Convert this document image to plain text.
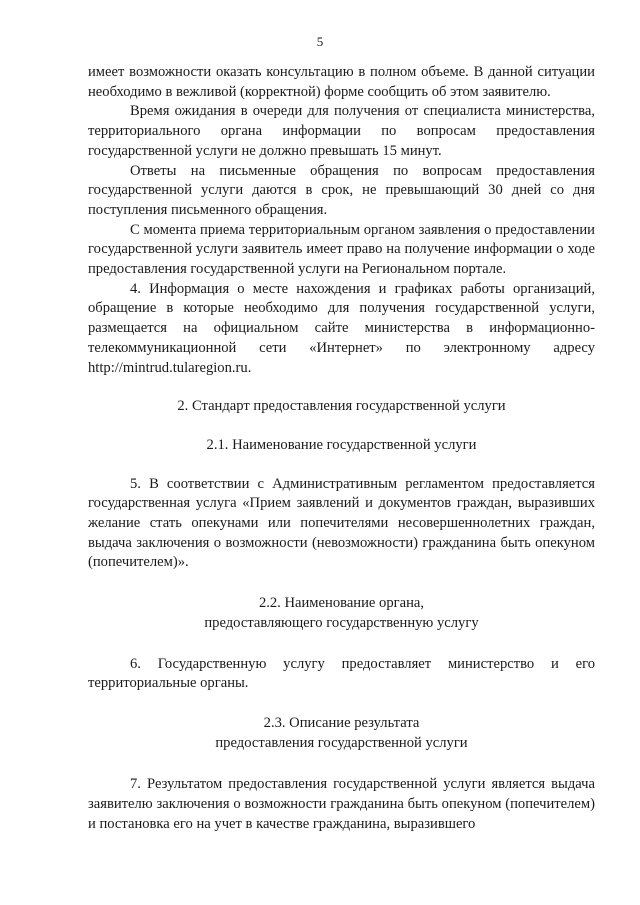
5

имеет возможности оказать консультацию в полном объеме. В данной ситуации необходимо в вежливой (корректной) форме сообщить об этом заявителю.

Время ожидания в очереди для получения от специалиста министерства, территориального органа информации по вопросам предоставления государственной услуги не должно превышать 15 минут.

Ответы на письменные обращения по вопросам предоставления государственной услуги даются в срок, не превышающий 30 дней со дня поступления письменного обращения.

С момента приема территориальным органом заявления о предоставлении государственной услуги заявитель имеет право на получение информации о ходе предоставления государственной услуги на Региональном портале.

4. Информация о месте нахождения и графиках работы организаций, обращение в которые необходимо для получения государственной услуги, размещается на официальном сайте министерства в информационно-телекоммуникационной сети «Интернет» по электронному адресу http://mintrud.tularegion.ru.

2. Стандарт предоставления государственной услуги

2.1. Наименование государственной услуги

5. В соответствии с Административным регламентом предоставляется государственная услуга «Прием заявлений и документов граждан, выразивших желание стать опекунами или попечителями несовершеннолетних граждан, выдача заключения о возможности (невозможности) гражданина быть опекуном (попечителем)».

2.2. Наименование органа,
предоставляющего государственную услугу

6. Государственную услугу предоставляет министерство и его территориальные органы.

2.3. Описание результата
предоставления государственной услуги

7. Результатом предоставления государственной услуги является выдача заявителю заключения о возможности гражданина быть опекуном (попечителем) и постановка его на учет в качестве гражданина, выразившего
